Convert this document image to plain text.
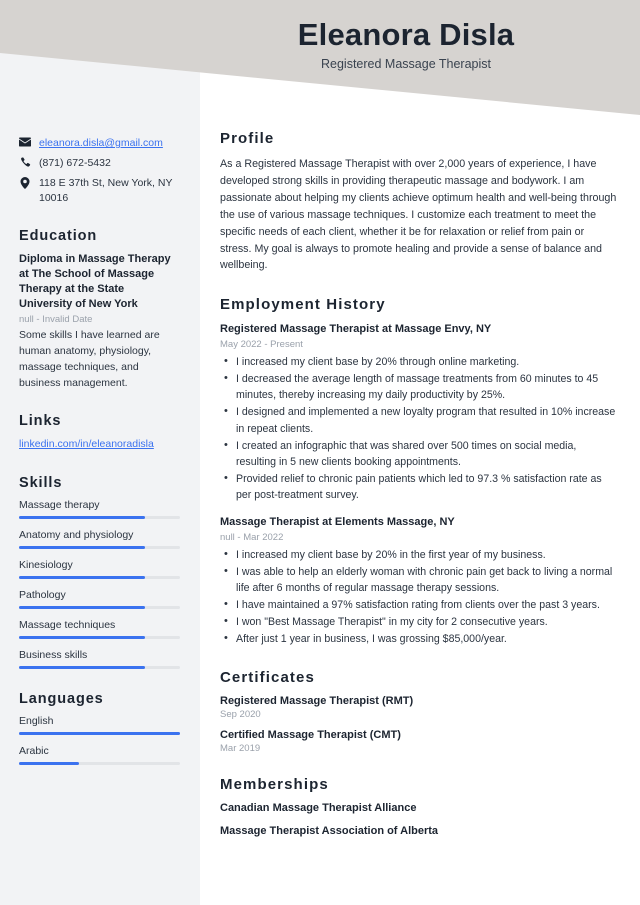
Eleanora Disla
Registered Massage Therapist
eleanora.disla@gmail.com
(871) 672-5432
118 E 37th St, New York, NY 10016
Education
Diploma in Massage Therapy at The School of Massage Therapy at the State University of New York
null - Invalid Date
Some skills I have learned are human anatomy, physiology, massage techniques, and business management.
Links
linkedin.com/in/eleanoradisla
Skills
Massage therapy
Anatomy and physiology
Kinesiology
Pathology
Massage techniques
Business skills
Languages
English
Arabic
Profile
As a Registered Massage Therapist with over 2,000 years of experience, I have developed strong skills in providing therapeutic massage and bodywork. I am passionate about helping my clients achieve optimum health and well-being through the use of various massage techniques. I customize each treatment to meet the specific needs of each client, whether it be for relaxation or relief from pain or stress. My goal is always to promote healing and provide a sense of balance and wellbeing.
Employment History
Registered Massage Therapist at Massage Envy, NY
May 2022 - Present
• I increased my client base by 20% through online marketing.
• I decreased the average length of massage treatments from 60 minutes to 45 minutes, thereby increasing my daily productivity by 25%.
• I designed and implemented a new loyalty program that resulted in 10% increase in repeat clients.
• I created an infographic that was shared over 500 times on social media, resulting in 5 new clients booking appointments.
• Provided relief to chronic pain patients which led to 97.3 % satisfaction rate as per post-treatment survey.
Massage Therapist at Elements Massage, NY
null - Mar 2022
• I increased my client base by 20% in the first year of my business.
• I was able to help an elderly woman with chronic pain get back to living a normal life after 6 months of regular massage therapy sessions.
• I have maintained a 97% satisfaction rating from clients over the past 3 years.
• I won "Best Massage Therapist" in my city for 2 consecutive years.
• After just 1 year in business, I was grossing $85,000/year.
Certificates
Registered Massage Therapist (RMT)
Sep 2020
Certified Massage Therapist (CMT)
Mar 2019
Memberships
Canadian Massage Therapist Alliance
Massage Therapist Association of Alberta
